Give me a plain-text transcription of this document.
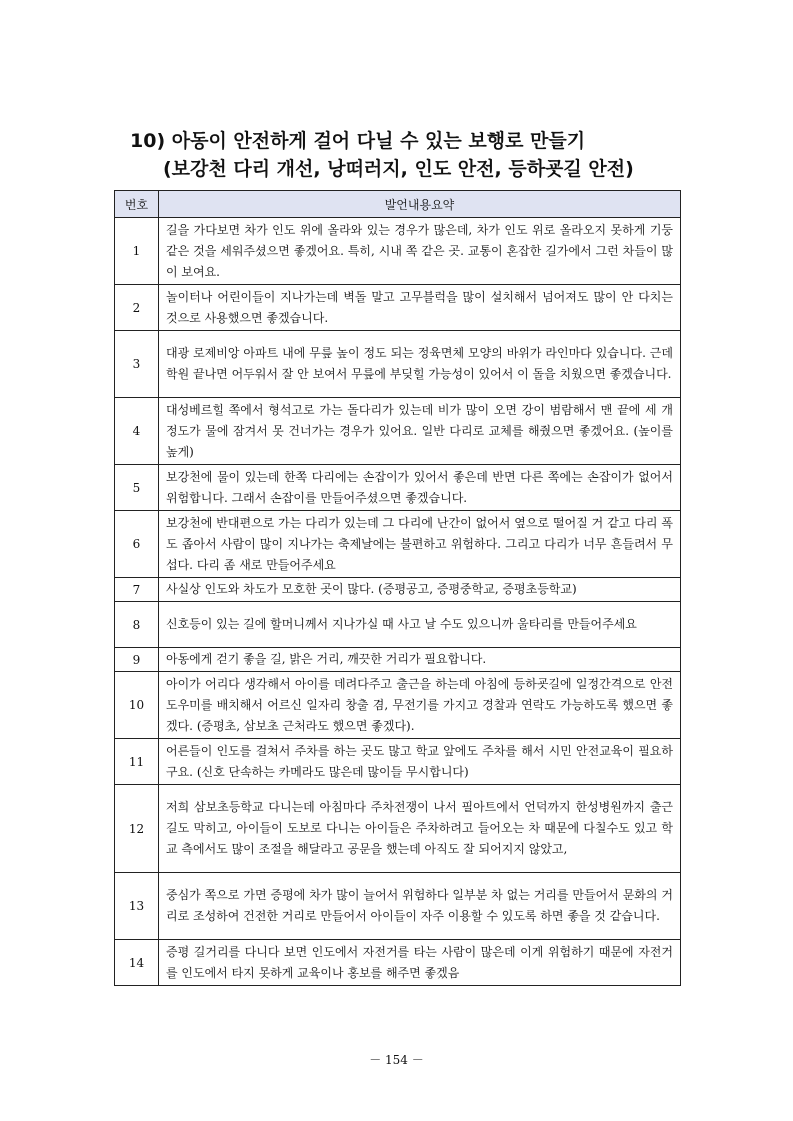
10) 아동이 안전하게 걸어 다닐 수 있는 보행로 만들기
(보강천 다리 개선, 낭떠러지, 인도 안전, 등하굣길 안전)
번호	발언내용요약
1	길을 가다보면 차가 인도 위에 올라와 있는 경우가 많은데, 차가 인도 위로 올라오지 못하게 기둥 같은 것을 세워주셨으면 좋겠어요. 특히, 시내 쪽 같은 곳. 교통이 혼잡한 길가에서 그런 차들이 많이 보여요.
2	놀이터나 어린이들이 지나가는데 벽돌 말고 고무블럭을 많이 설치해서 넘어져도 많이 안 다치는 것으로 사용했으면 좋겠습니다.
3	대광 로제비앙 아파트 내에 무릎 높이 정도 되는 정육면체 모양의 바위가 라인마다 있습니다. 근데 학원 끝나면 어두워서 잘 안 보여서 무릎에 부딪힐 가능성이 있어서 이 돌을 치웠으면 좋겠습니다.
4	대성베르힐 쪽에서 형석고로 가는 돌다리가 있는데 비가 많이 오면 강이 범람해서 맨 끝에 세 개 정도가 물에 잠겨서 못 건너가는 경우가 있어요. 일반 다리로 교체를 해줬으면 좋겠어요. (높이를 높게)
5	보강천에 물이 있는데 한쪽 다리에는 손잡이가 있어서 좋은데 반면 다른 쪽에는 손잡이가 없어서 위험합니다. 그래서 손잡이를 만들어주셨으면 좋겠습니다.
6	보강천에 반대편으로 가는 다리가 있는데 그 다리에 난간이 없어서 옆으로 떨어질 거 같고 다리 폭도 좁아서 사람이 많이 지나가는 축제날에는 불편하고 위험하다. 그리고 다리가 너무 흔들려서 무섭다. 다리 좀 새로 만들어주세요
7	사실상 인도와 차도가 모호한 곳이 많다. (증평공고, 증평중학교, 증평초등학교)
8	신호등이 있는 길에 할머니께서 지나가실 때 사고 날 수도 있으니까 울타리를 만들어주세요
9	아동에게 걷기 좋을 길, 밝은 거리, 깨끗한 거리가 필요합니다.
10	아이가 어리다 생각해서 아이를 데려다주고 출근을 하는데 아침에 등하굣길에 일정간격으로 안전 도우미를 배치해서 어르신 일자리 창출 겸, 무전기를 가지고 경찰과 연락도 가능하도록 했으면 좋겠다. (증평초, 삼보초 근처라도 했으면 좋겠다).
11	어른들이 인도를 걸쳐서 주차를 하는 곳도 많고 학교 앞에도 주차를 해서 시민 안전교육이 필요하구요. (신호 단속하는 카메라도 많은데 많이들 무시합니다)
12	저희 삼보초등학교 다니는데 아침마다 주차전쟁이 나서 필아트에서 언덕까지 한성병원까지 출근길도 막히고, 아이들이 도보로 다니는 아이들은 주차하려고 들어오는 차 때문에 다칠수도 있고 학교 측에서도 많이 조절을 해달라고 공문을 했는데 아직도 잘 되어지지 않았고,
13	중심가 쪽으로 가면 증평에 차가 많이 늘어서 위험하다 일부분 차 없는 거리를 만들어서 문화의 거리로 조성하여 건전한 거리로 만들어서 아이들이 자주 이용할 수 있도록 하면 좋을 것 같습니다.
14	증평 길거리를 다니다 보면 인도에서 자전거를 타는 사람이 많은데 이게 위험하기 때문에 자전거를 인도에서 타지 못하게 교육이나 홍보를 해주면 좋겠음
－ 154 －
